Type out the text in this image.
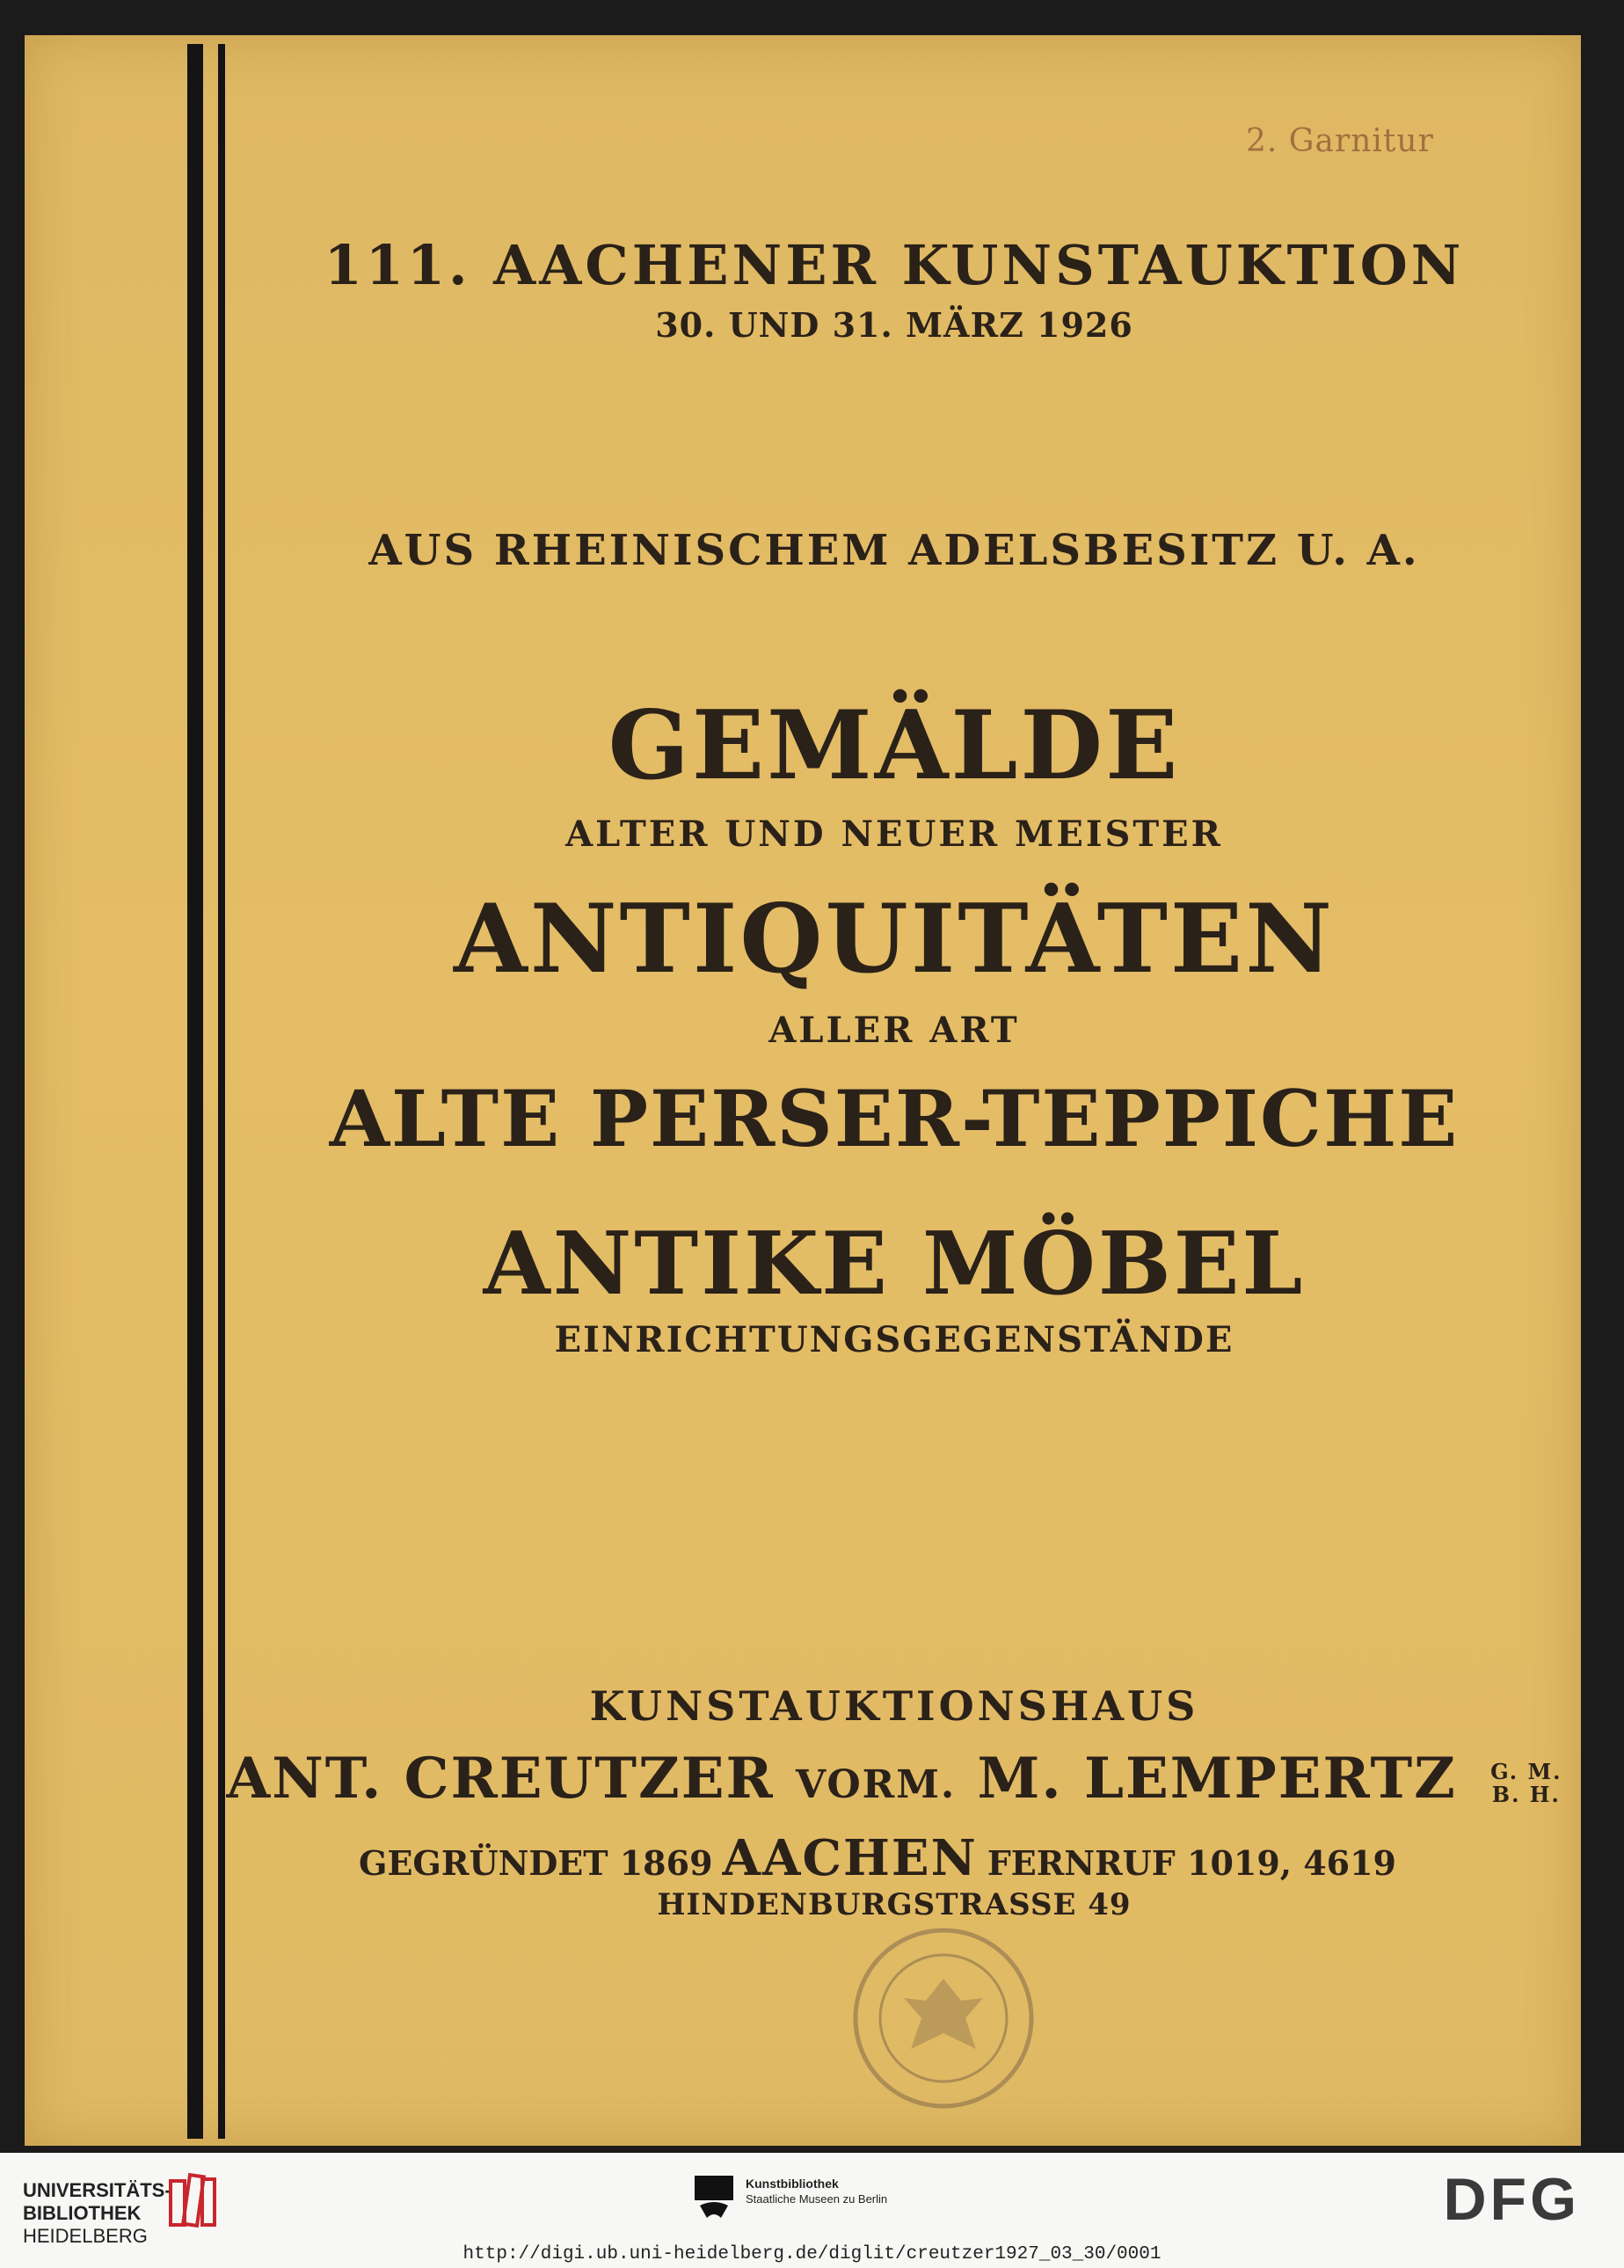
2. Garnitur
111. AACHENER KUNSTAUKTION
30. UND 31. MÄRZ 1926
AUS RHEINISCHEM ADELSBESITZ U. A.
GEMÄLDE
ALTER UND NEUER MEISTER
ANTIQUITÄTEN
ALLER ART
ALTE PERSER-TEPPICHE
ANTIKE MÖBEL
EINRICHTUNGSGEGENSTÄNDE
KUNSTAUKTIONSHAUS
ANT. CREUTZER VORM. M. LEMPERTZ G. M.
B. H.
GEGRÜNDET 1869 AACHEN FERNRUF 1019, 4619
HINDENBURGSTRASSE 49
UNIVERSITÄTS-
BIBLIOTHEK
HEIDELBERG
Kunstbibliothek
Staatliche Museen zu Berlin	DFG
http://digi.ub.uni-heidelberg.de/diglit/creutzer1927_03_30/0001
